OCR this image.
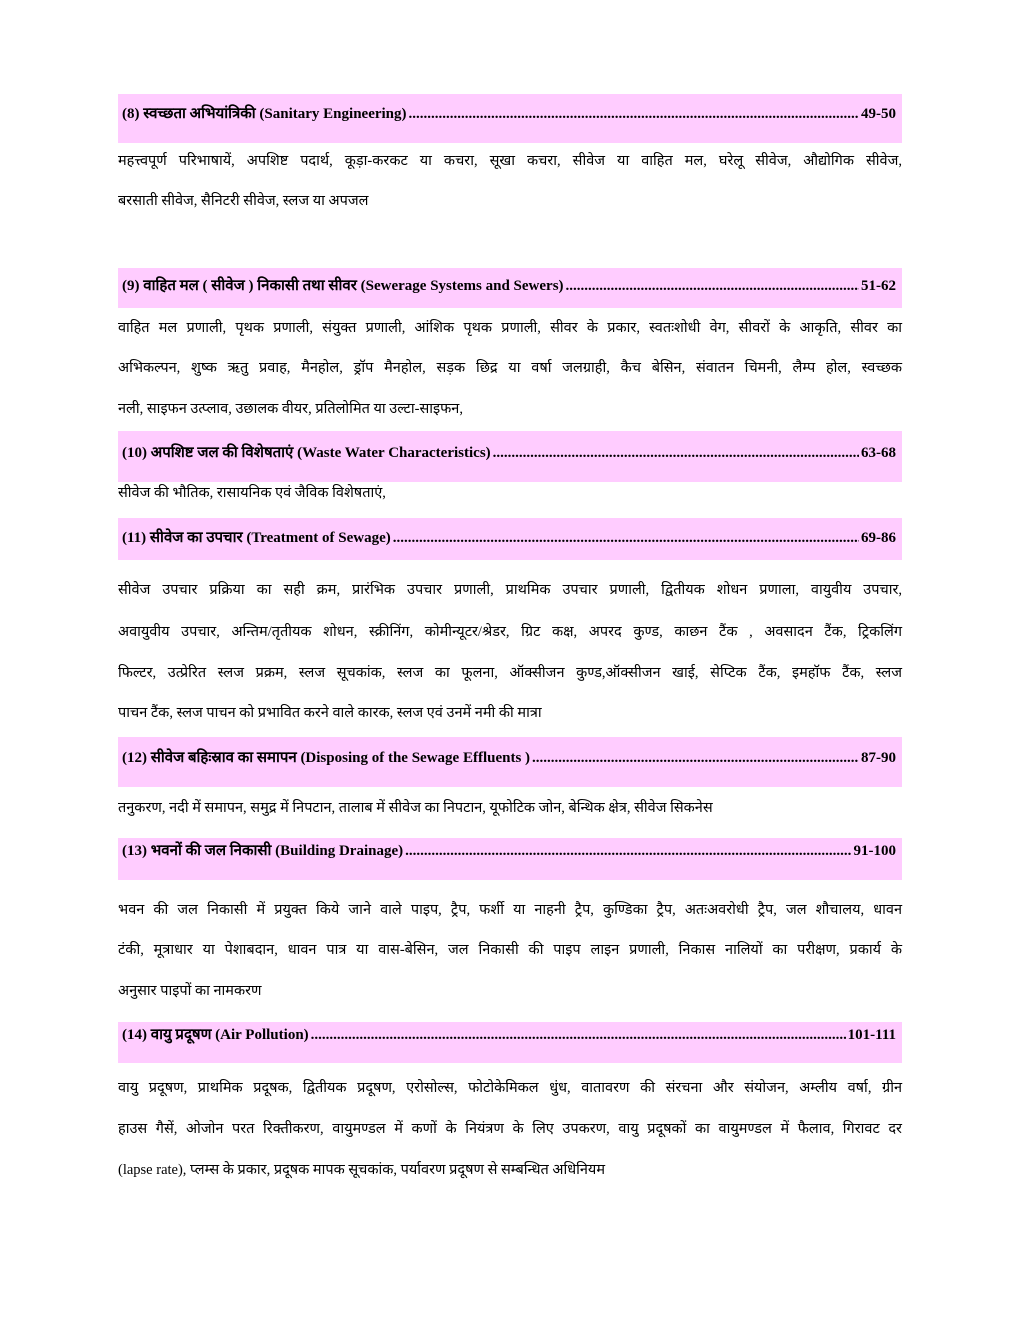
(8) स्वच्छता अभियांत्रिकी (Sanitary Engineering) .....	49-50
महत्त्वपूर्ण परिभाषायें, अपशिष्ट पदार्थ, कूड़ा-करकट या कचरा, सूखा कचरा, सीवेज या वाहित मल, घरेलू सीवेज, औद्योगिक सीवेज,
बरसाती सीवेज, सैनिटरी सीवेज, स्लज या अपजल
(9) वाहित मल ( सीवेज ) निकासी तथा सीवर (Sewerage Systems and Sewers) .....	51-62
वाहित मल प्रणाली, पृथक प्रणाली, संयुक्त प्रणाली, आंशिक पृथक प्रणाली, सीवर के प्रकार, स्वतःशोधी वेग, सीवरों के आकृति, सीवर का
अभिकल्पन, शुष्क ऋतु प्रवाह, मैनहोल, ड्रॉप मैनहोल, सड़क छिद्र या वर्षा जलग्राही, कैच बेसिन, संवातन चिमनी, लैम्प होल, स्वच्छक
नली, साइफन उत्प्लाव, उछालक वीयर, प्रतिलोमित या उल्टा-साइफन,
(10) अपशिष्ट जल की विशेषताएं (Waste Water Characteristics) .....	63-68
सीवेज की भौतिक, रासायनिक एवं जैविक विशेषताएं,
(11) सीवेज का उपचार (Treatment of Sewage) .....	69-86
सीवेज उपचार प्रक्रिया का सही क्रम, प्रारंभिक उपचार प्रणाली, प्राथमिक उपचार प्रणाली, द्वितीयक शोधन प्रणाला, वायुवीय उपचार,
अवायुवीय उपचार, अन्तिम/तृतीयक शोधन, स्क्रीनिंग, कोमीन्यूटर/श्रेडर, ग्रिट कक्ष, अपरद कुण्ड, काछन टैंक , अवसादन टैंक, ट्रिकलिंग
फिल्टर, उत्प्रेरित स्लज प्रक्रम, स्लज सूचकांक, स्लज का फूलना, ऑक्सीजन कुण्ड,ऑक्सीजन खाई, सेप्टिक टैंक, इमहॉफ टैंक, स्लज
पाचन टैंक, स्लज पाचन को प्रभावित करने वाले कारक, स्लज एवं उनमें नमी की मात्रा
(12) सीवेज बहिःस्राव का समापन (Disposing of the Sewage Effluents ) .....	87-90
तनुकरण, नदी में समापन, समुद्र में निपटान, तालाब में सीवेज का निपटान, यूफोटिक जोन, बेन्थिक क्षेत्र, सीवेज सिकनेस
(13) भवनों की जल निकासी (Building Drainage) .....	91-100
भवन की जल निकासी में प्रयुक्त किये जाने वाले पाइप, ट्रैप, फर्शी या नाहनी ट्रैप, कुण्डिका ट्रैप, अतःअवरोधी ट्रैप, जल शौचालय, धावन
टंकी, मूत्राधार या पेशाबदान, धावन पात्र या वास-बेसिन, जल निकासी की पाइप लाइन प्रणाली, निकास नालियों का परीक्षण, प्रकार्य के
अनुसार पाइपों का नामकरण
(14) वायु प्रदूषण (Air Pollution) .....	101-111
वायु प्रदूषण, प्राथमिक प्रदूषक, द्वितीयक प्रदूषण, एरोसोल्स, फोटोकेमिकल धुंध, वातावरण की संरचना और संयोजन, अम्लीय वर्षा, ग्रीन
हाउस गैसें, ओजोन परत रिक्तीकरण, वायुमण्डल में कणों के नियंत्रण के लिए उपकरण, वायु प्रदूषकों का वायुमण्डल में फैलाव, गिरावट दर
(lapse rate), प्लम्स के प्रकार, प्रदूषक मापक सूचकांक, पर्यावरण प्रदूषण से सम्बन्धित अधिनियम
